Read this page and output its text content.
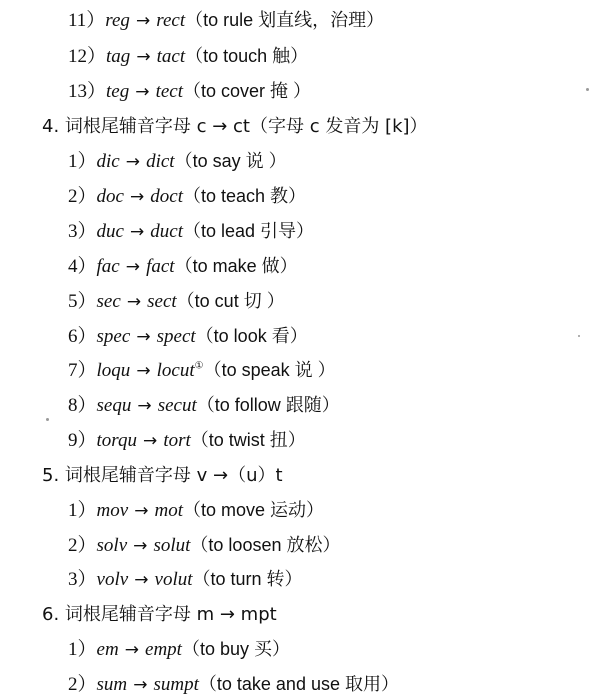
11）reg → rect（to rule 划直线，治理）
12）tag → tact（to touch 触）
13）teg → tect（to cover 掩 ）
4. 词根尾辅音字母 c → ct（字母 c 发音为 [k]）
1）dic → dict（to say 说 ）
2）doc → doct（to teach 教）
3）duc → duct（to lead 引导）
4）fac → fact（to make 做）
5）sec → sect（to cut 切 ）
6）spec → spect（to look 看）
7）loqu → locut①（to speak 说 ）
8）sequ → secut（to follow 跟随）
9）torqu → tort（to twist 扭）
5. 词根尾辅音字母 v →（u）t
1）mov → mot（to move 运动）
2）solv → solut（to loosen 放松）
3）volv → volut（to turn 转）
6. 词根尾辅音字母 m → mpt
1）em → empt（to buy 买）
2）sum → sumpt（to take and use 取用）
